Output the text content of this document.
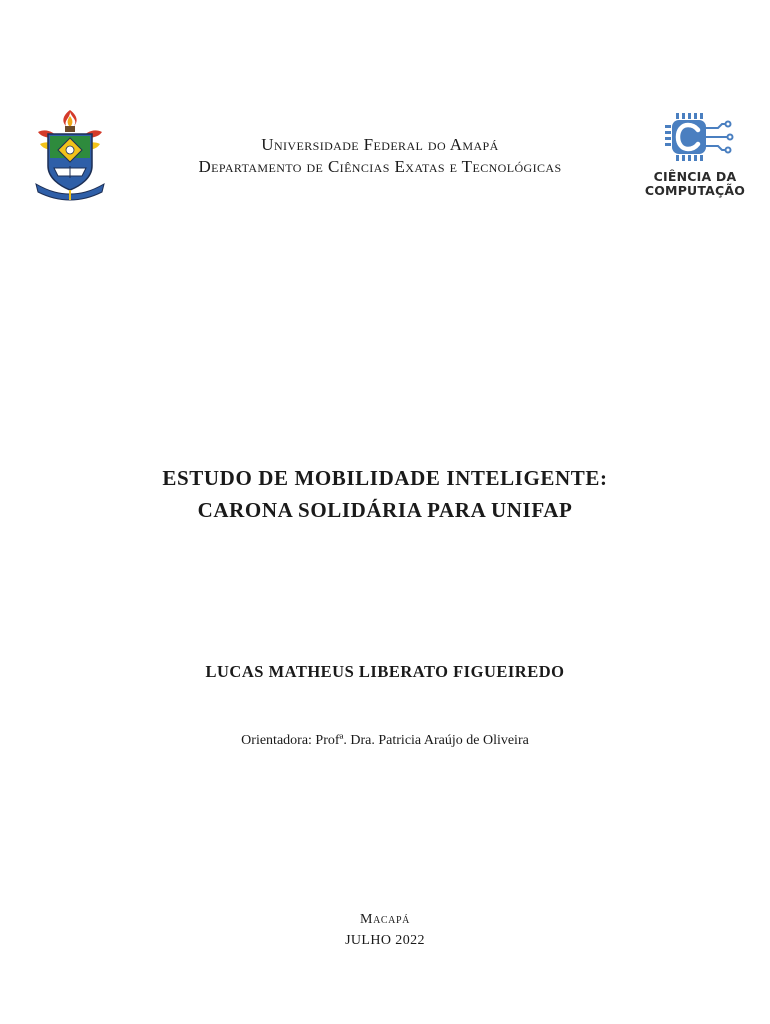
Universidade Federal do Amapá
Departamento de Ciências Exatas e Tecnológicas
CIÊNCIA DA
COMPUTAÇÃO
ESTUDO DE MOBILIDADE INTELIGENTE:
CARONA SOLIDÁRIA PARA UNIFAP
LUCAS MATHEUS LIBERATO FIGUEIREDO
Orientadora: Profª. Dra. Patricia Araújo de Oliveira
Macapá
JULHO 2022
